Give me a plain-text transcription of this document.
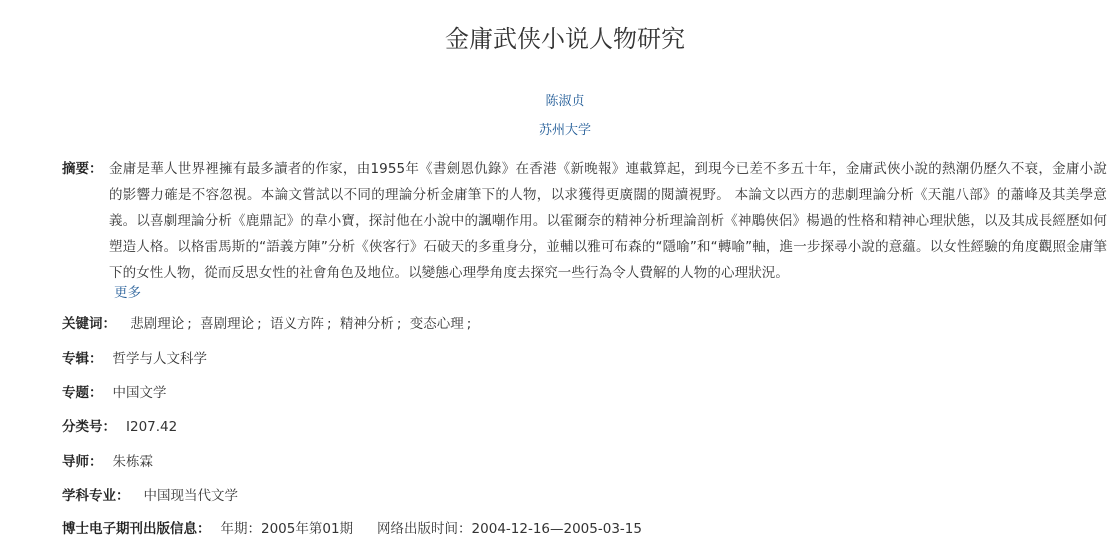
金庸武侠小说人物研究
陈淑贞
苏州大学
摘要： 金庸是華人世界裡擁有最多讀者的作家，由1955年《書劍恩仇錄》在香港《新晚報》連載算起，到現今已差不多五十年，金庸武俠小說的熱潮仍歷久不衰，金庸小說的影響力確是不容忽視。本論文嘗試以不同的理論分析金庸筆下的人物，以求獲得更廣闊的閱讀視野。 本論文以西方的悲劇理論分析《天龍八部》的蕭峰及其美學意義。以喜劇理論分析《鹿鼎記》的韋小寶，探討他在小說中的諷嘲作用。以霍爾奈的精神分析理論剖析《神鵰俠侶》楊過的性格和精神心理狀態，以及其成長經歷如何塑造人格。以格雷馬斯的“語義方陣”分析《俠客行》石破天的多重身分，並輔以雅可布森的“隱喻”和“轉喻”軸，進一步探尋小說的意蘊。以女性經驗的角度觀照金庸筆下的女性人物，從而反思女性的社會角色及地位。以變態心理學角度去探究一些行為令人費解的人物的心理狀況。
更多
关键词： 悲剧理论 ; 喜剧理论 ; 语义方阵 ; 精神分析 ; 变态心理 ;
专辑： 哲学与人文科学
专题： 中国文学
分类号： I207.42
导师： 朱栋霖
学科专业： 中国现当代文学
博士电子期刊出版信息： 年期：2005年第01期 网络出版时间：2004-12-16—2005-03-15
